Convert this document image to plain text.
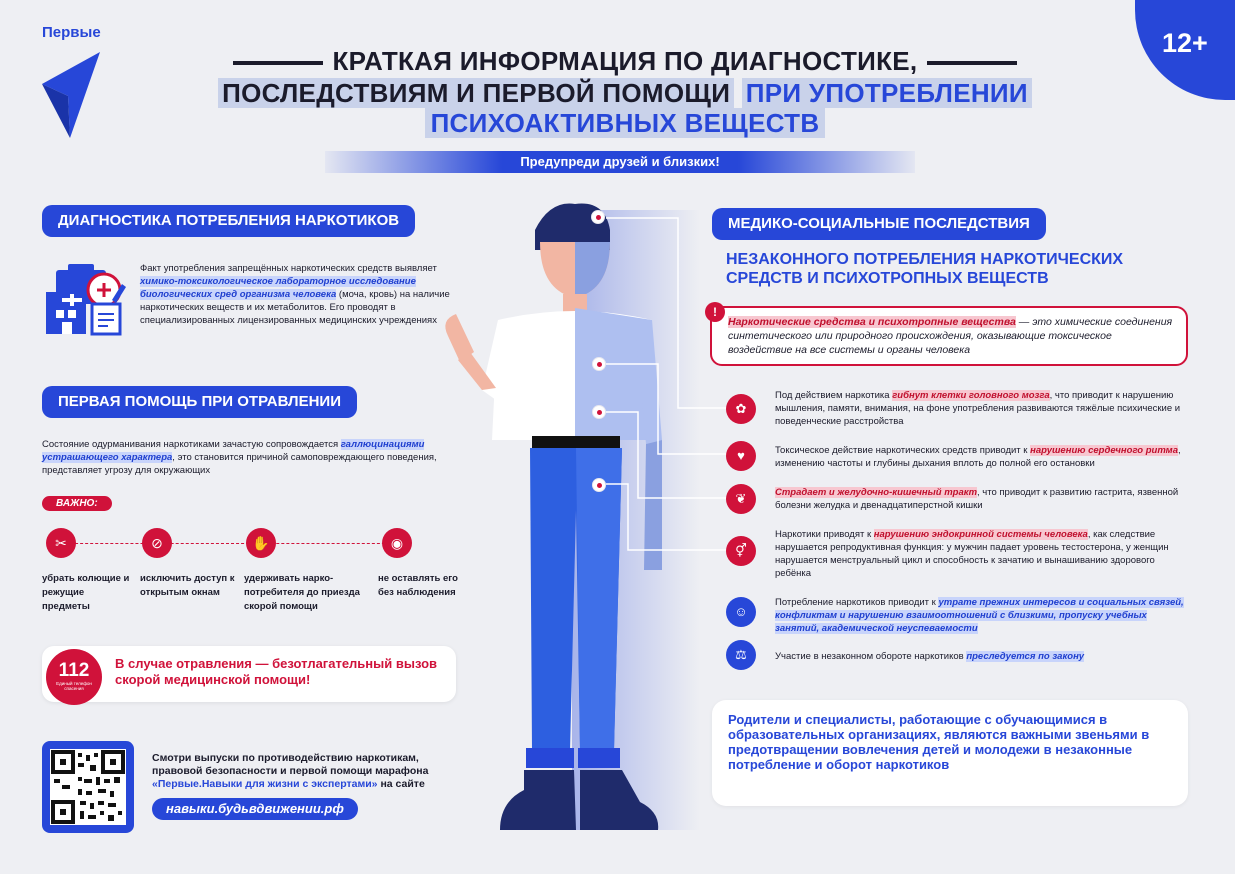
Первые	12+
КРАТКАЯ ИНФОРМАЦИЯ ПО ДИАГНОСТИКЕ,
ПОСЛЕДСТВИЯМ И ПЕРВОЙ ПОМОЩИ ПРИ УПОТРЕБЛЕНИИ
ПСИХОАКТИВНЫХ ВЕЩЕСТВ
Предупреди друзей и близких!
ДИАГНОСТИКА ПОТРЕБЛЕНИЯ НАРКОТИКОВ
Факт употребления запрещённых наркотических средств выявляет химико-токсикологическое лабораторное исследование биологических сред организма человека (моча, кровь) на наличие наркотических веществ и их метаболитов. Его проводят в специализированных лицензированных медицинских учреждениях
ПЕРВАЯ ПОМОЩЬ ПРИ ОТРАВЛЕНИИ
Состояние одурманивания наркотиками зачастую сопровождается галлюцинациями устрашающего характера, это становится причиной самоповреждающего поведения, представляет угрозу для окружающих
ВАЖНО:
✂
убрать колющие и режущие предметы
⊘
исключить доступ к открытым окнам
✋
удерживать нарко-потребителя до приезда скорой помощи
◉
не оставлять его без наблюдения
112
Единый телефон спасения
В случае отравления — безотлагательный вызов скорой медицинской помощи!
Смотри выпуски по противодействию наркотикам, правовой безопасности и первой помощи марафона «Первые.Навыки для жизни с экспертами» на сайте
навыки.будьвдвижении.рф
МЕДИКО-СОЦИАЛЬНЫЕ ПОСЛЕДСТВИЯ
НЕЗАКОННОГО ПОТРЕБЛЕНИЯ НАРКОТИЧЕСКИХ СРЕДСТВ И ПСИХОТРОПНЫХ ВЕЩЕСТВ
!
Наркотические средства и психотропные вещества — это химические соединения синтетического или природного происхождения, оказывающие токсическое воздействие на все системы и органы человека
✿
Под действием наркотика гибнут клетки головного мозга, что приводит к нарушению мышления, памяти, внимания, на фоне употребления развиваются тяжёлые психические и поведенческие расстройства
♥	Токсическое действие наркотических средств приводит к нарушению сердечного ритма, изменению частоты и глубины дыхания вплоть до полной его остановки
❦	Страдает и желудочно-кишечный тракт, что приводит к развитию гастрита, язвенной болезни желудка и двенадцатиперстной кишки
⚥
Наркотики приводят к нарушению эндокринной системы человека, как следствие нарушается репродуктивная функция: у мужчин падает уровень тестостерона, у женщин нарушается менструальный цикл и способность к зачатию и вынашиванию здорового ребёнка
☺
Потребление наркотиков приводит к утрате прежних интересов и социальных связей, конфликтам и нарушению взаимоотношений с близкими, пропуску учебных занятий, академической неуспеваемости
⚖	Участие в незаконном обороте наркотиков преследуется по закону
Родители и специалисты, работающие с обучающимися в образовательных организациях, являются важными звеньями в предотвращении вовлечения детей и молодежи в незаконные потребление и оборот наркотиков
